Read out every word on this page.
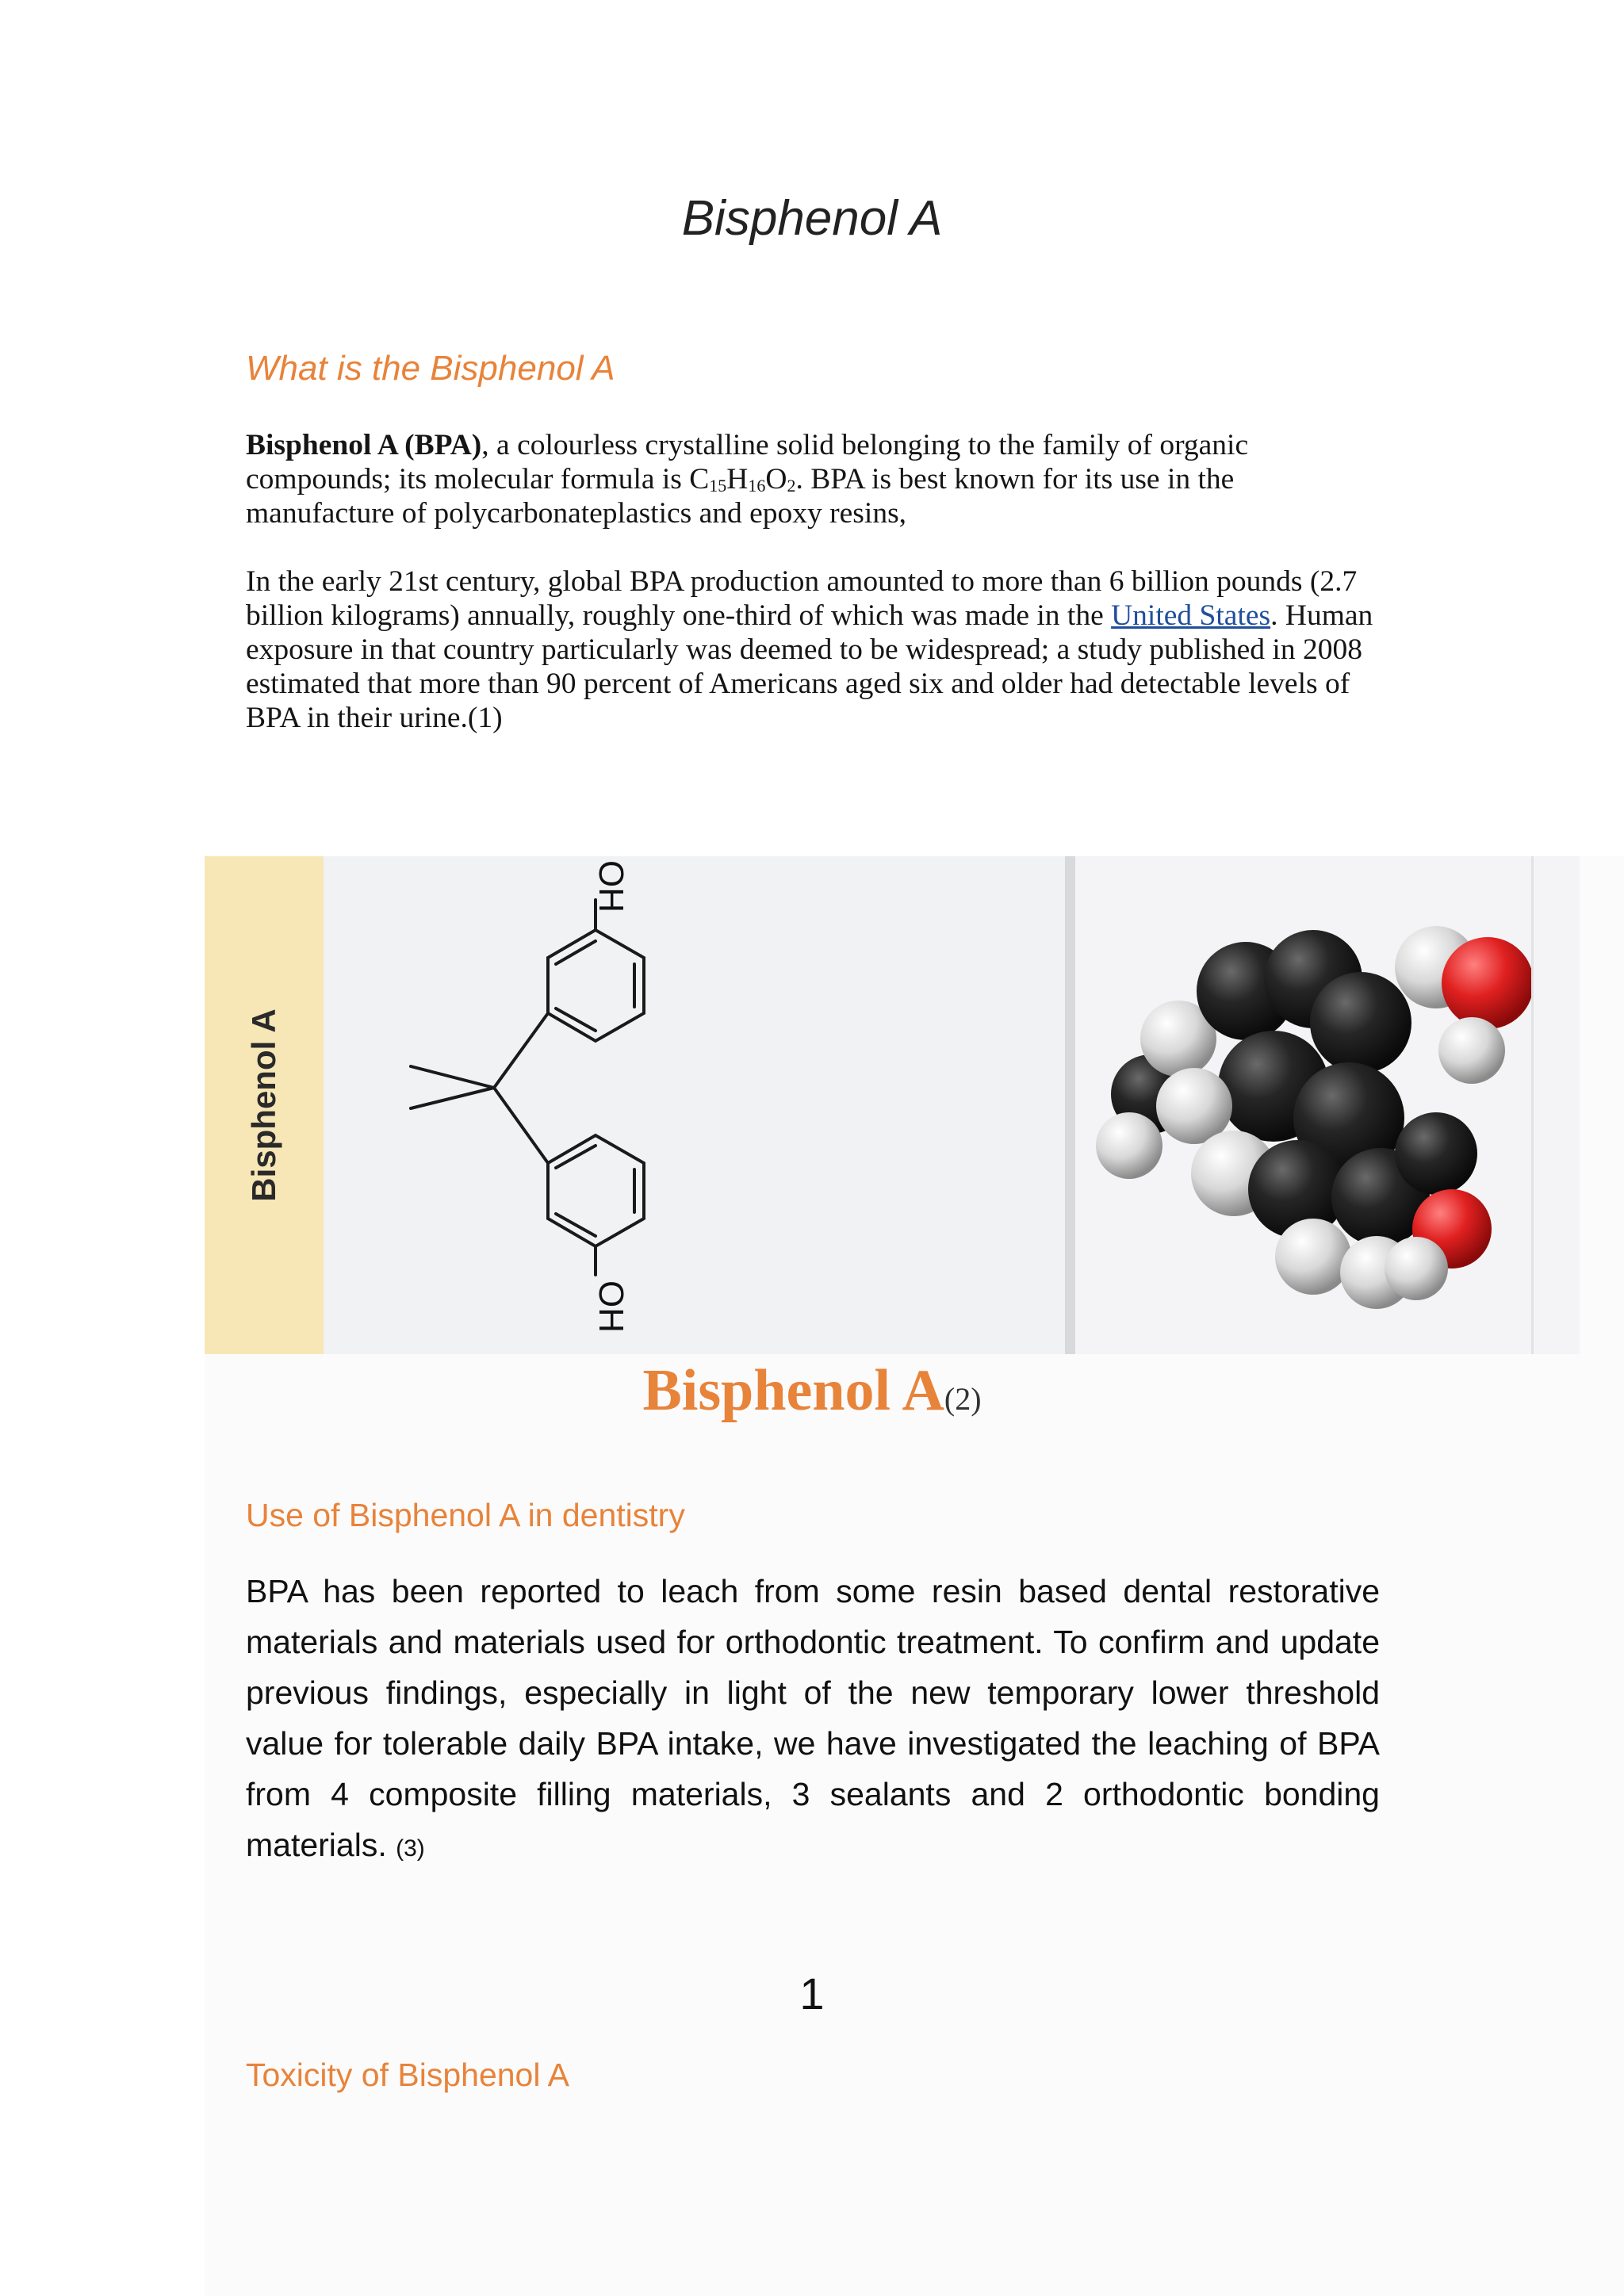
Bisphenol A
What is the Bisphenol A
Bisphenol A (BPA), a colourless crystalline solid belonging to the family of organic compounds; its molecular formula is $C_{15}H_{16}O_2$. BPA is best known for its use in the manufacture of polycarbonateplastics and epoxy resins,
In the early 21st century, global BPA production amounted to more than 6 billion pounds (2.7 billion kilograms) annually, roughly one-third of which was made in the United States. Human exposure in that country particularly was deemed to be widespread; a study published in 2008 estimated that more than 90 percent of Americans aged six and older had detectable levels of BPA in their urine.(1)
Bisphenol A
OH
OH
Bisphenol A(2)
Use of Bisphenol A in dentistry
BPA has been reported to leach from some resin based dental restorative materials and materials used for orthodontic treatment. To confirm and update previous findings, especially in light of the new temporary lower threshold value for tolerable daily BPA intake, we have investigated the leaching of BPA from 4 composite filling materials, 3 sealants and 2 orthodontic bonding materials. (3)
1
Toxicity of Bisphenol A
